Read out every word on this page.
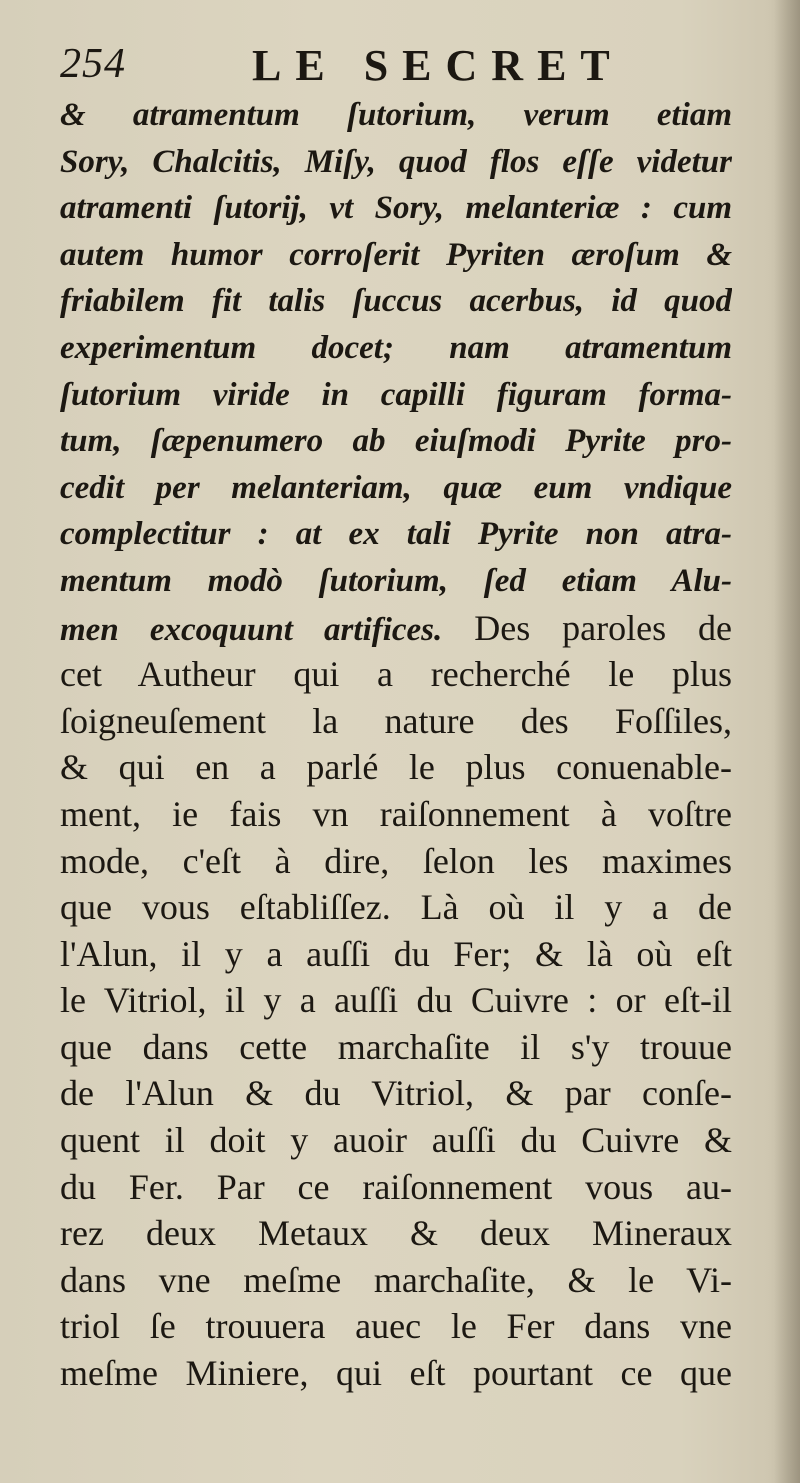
254	LE SECRET
& atramentum ſutorium, verum etiam
Sory, Chalcitis, Miſy, quod flos eſſe videtur
atramenti ſutorij, vt Sory, melanteriæ : cum
autem humor corroſerit Pyriten æroſum &
friabilem fit talis ſuccus acerbus, id quod
experimentum docet; nam atramentum
ſutorium viride in capilli figuram forma-
tum, ſæpenumero ab eiuſmodi Pyrite pro-
cedit per melanteriam, quæ eum vndique
complectitur : at ex tali Pyrite non atra-
mentum modò ſutorium, ſed etiam Alu-
men excoquunt artifices. Des paroles de
cet Autheur qui a recherché le plus
ſoigneuſement la nature des Foſſiles,
& qui en a parlé le plus conuenable-
ment, ie fais vn raiſonnement à voſtre
mode, c'eſt à dire, ſelon les maximes
que vous eſtabliſſez. Là où il y a de
l'Alun, il y a auſſi du Fer; & là où eſt
le Vitriol, il y a auſſi du Cuivre : or eſt-il
que dans cette marchaſite il s'y trouue
de l'Alun & du Vitriol, & par conſe-
quent il doit y auoir auſſi du Cuivre &
du Fer. Par ce raiſonnement vous au-
rez deux Metaux & deux Mineraux
dans vne meſme marchaſite, & le Vi-
triol ſe trouuera auec le Fer dans vne
meſme Miniere, qui eſt pourtant ce que
